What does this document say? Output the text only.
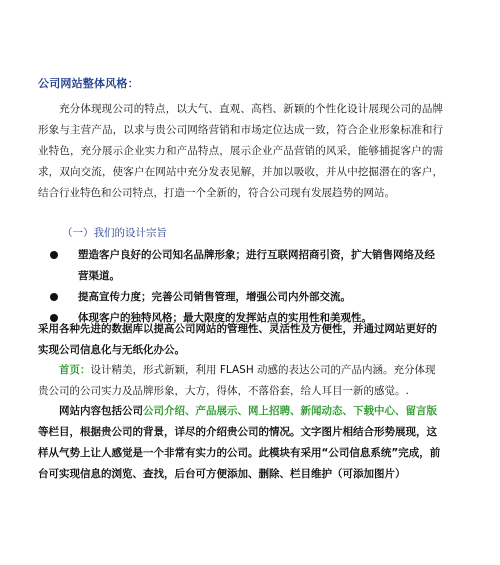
公司网站整体风格：
充分体现现公司的特点，以大气、直观、高档、新颖的个性化设计展现公司的品牌形象与主营产品，以求与贵公司网络营销和市场定位达成一致，符合企业形象标准和行业特色，充分展示企业实力和产品特点，展示企业产品营销的风采，能够捕捉客户的需求，双向交流，使客户在网站中充分发表见解，并加以吸收，并从中挖掘潜在的客户，结合行业特色和公司特点，打造一个全新的，符合公司现有发展趋势的网站。
（一）我们的设计宗旨
塑造客户良好的公司知名品牌形象；进行互联网招商引资，扩大销售网络及经营渠道。
提高宣传力度；完善公司销售管理，增强公司内外部交流。
体现客户的独特风格；最大限度的发挥站点的实用性和美观性。
采用各种先进的数据库以提高公司网站的管理性、灵活性及方便性，并通过网站更好的实现公司信息化与无纸化办公。
首页：设计精美，形式新颖，利用 FLASH 动感的表达公司的产品内涵。充分体现贵公司的公司实力及品牌形象，大方，得体，不落俗套，给人耳目一新的感觉。.
网站内容包括公司公司介绍、产品展示、网上招聘、新闻动态、下载中心、留言版等栏目，根据贵公司的背景，详尽的介绍贵公司的情况。文字图片相结合形势展现，这样从气势上让人感觉是一个非常有实力的公司。此模块有采用“公司信息系统”完成，前台可实现信息的浏览、查找，后台可方便添加、删除、栏目维护（可添加图片）
